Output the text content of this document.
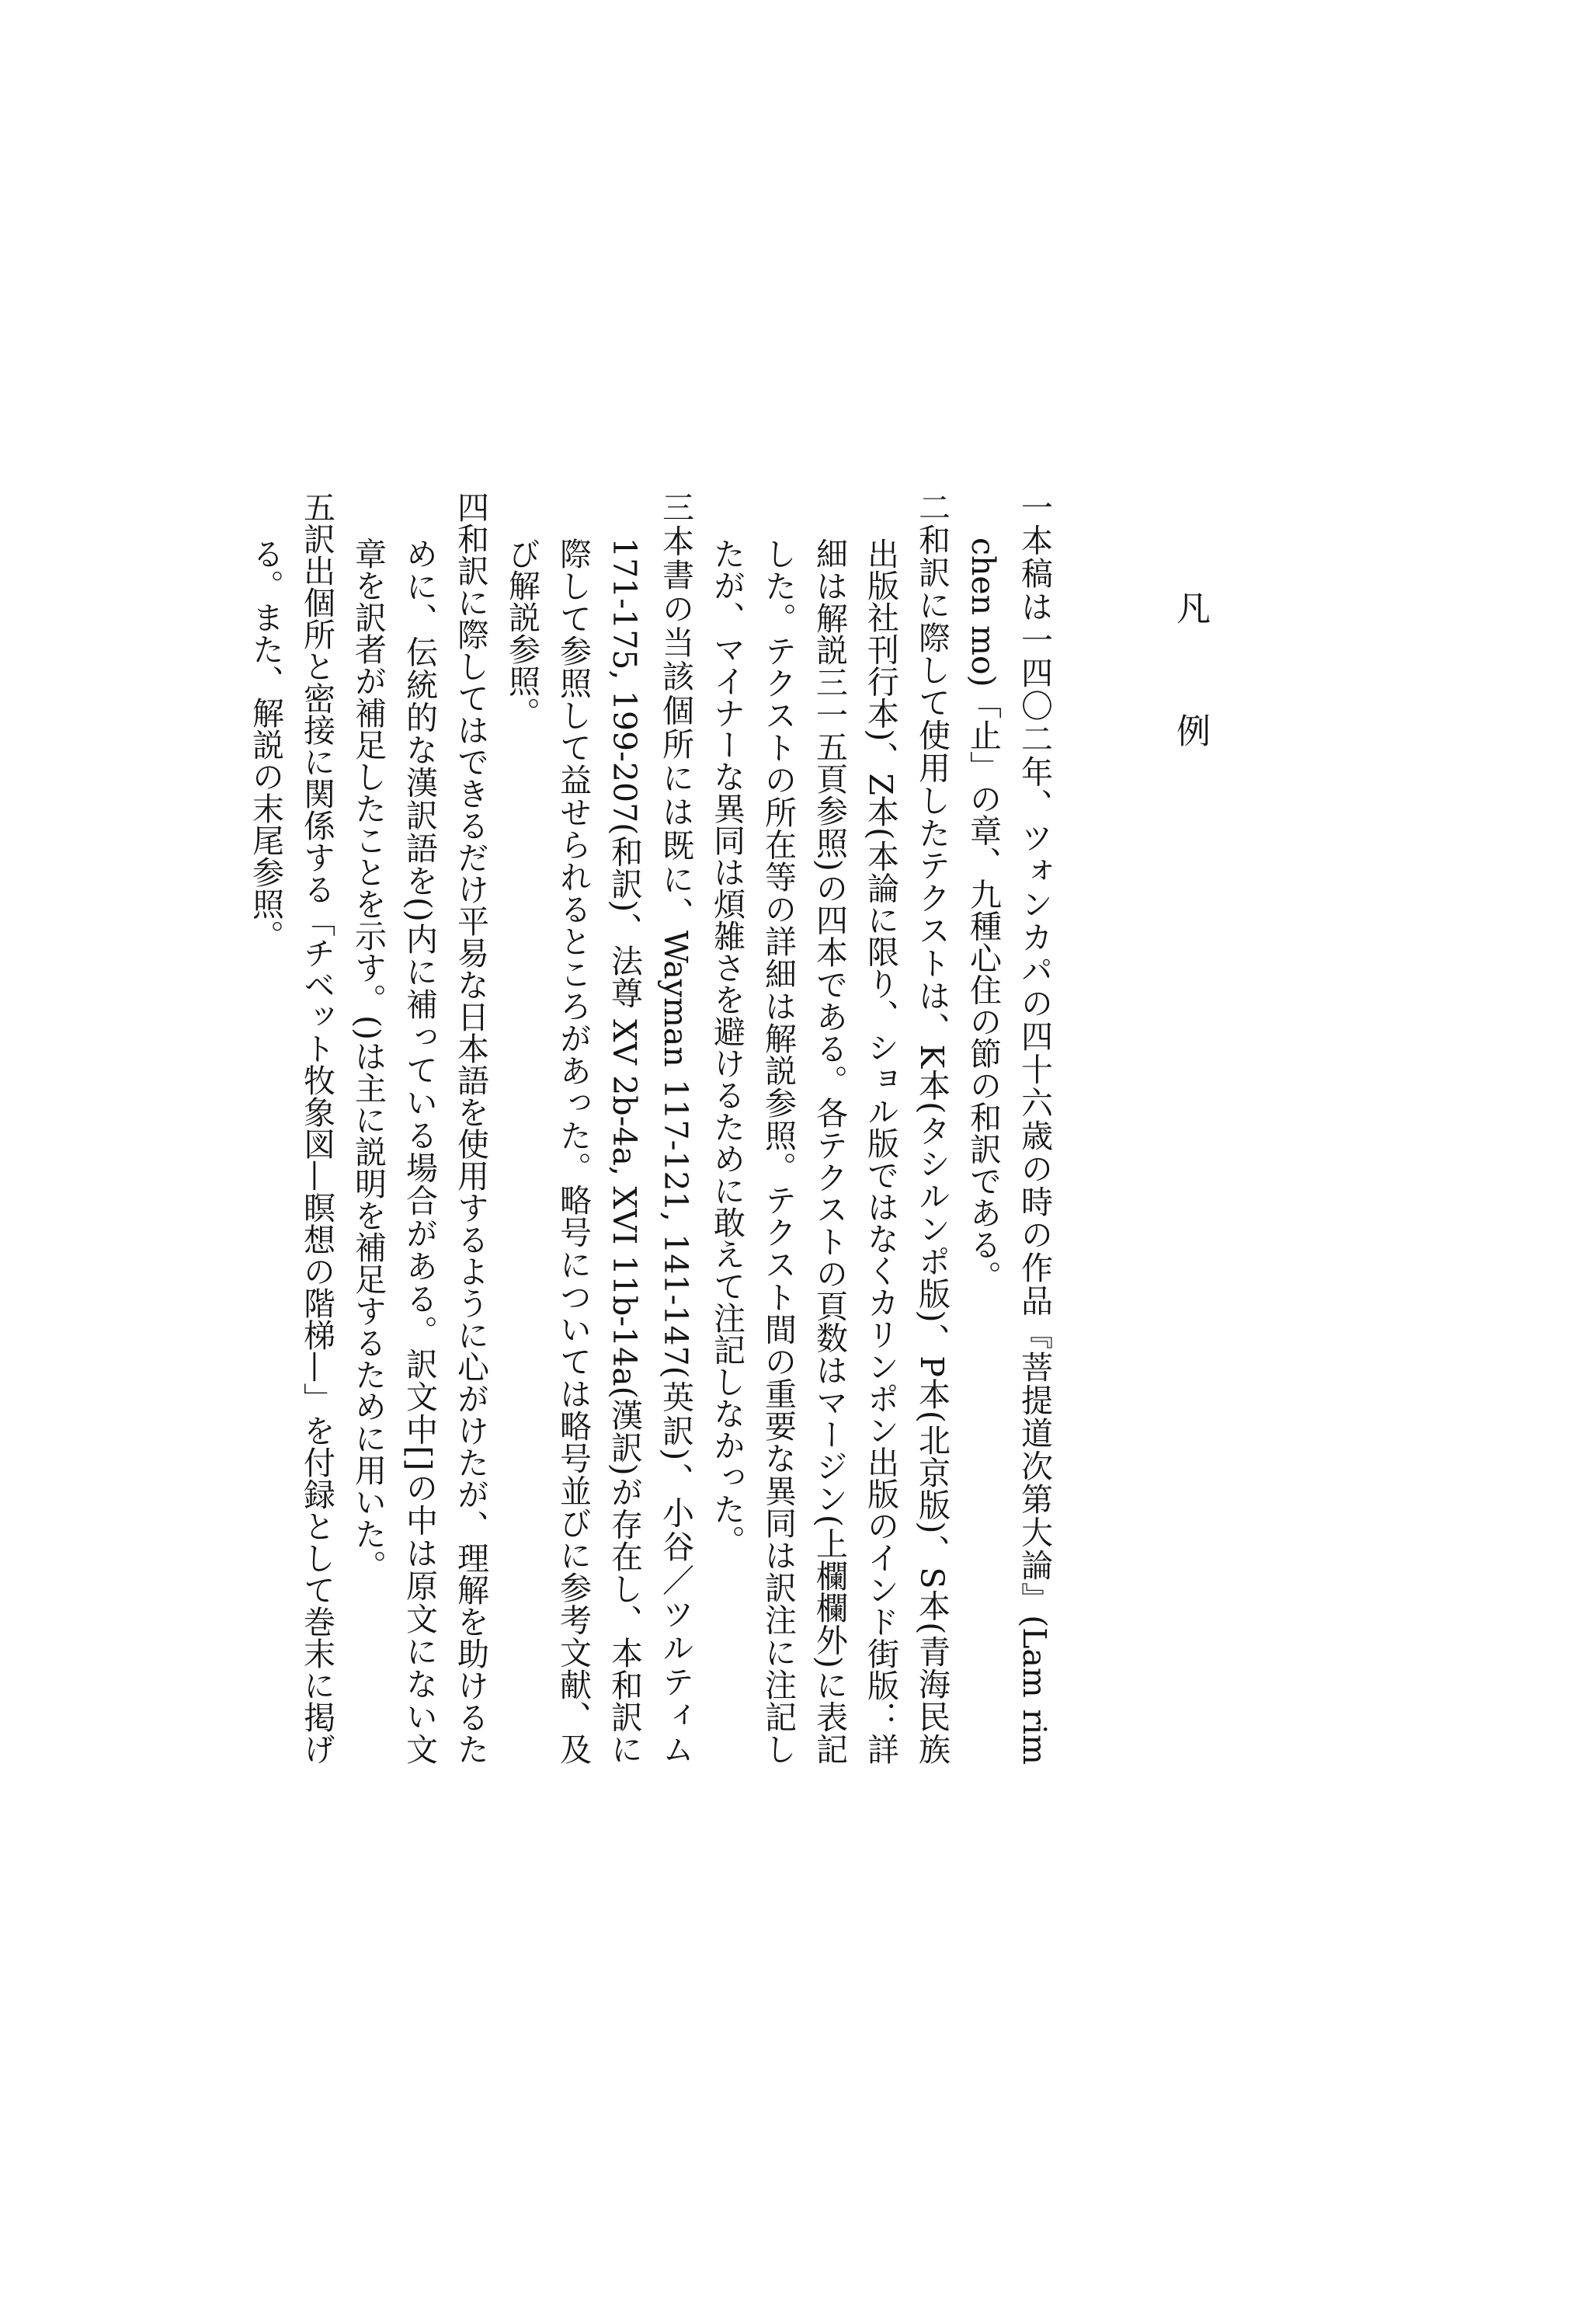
凡 例

一本稿は一四〇二年、ツォンカパの四十六歳の時の作品『菩提道次第大論』(Lam rim chen mo)「止」の章、九種心住の節の和訳である。

二和訳に際して使用したテクストは、K本(タシルンポ版)、P本(北京版)、S本(青海民族出版社刊行本)、Z本(本論に限り、ショル版ではなくカリンポン出版のインド街版：詳細は解説三一五頁参照)の四本である。各テクストの頁数はマージン(上欄欄外)に表記した。テクストの所在等の詳細は解説参照。テクスト間の重要な異同は訳注に注記したが、マイナーな異同は煩雑さを避けるために敢えて注記しなかった。

三本書の当該個所には既に、Wayman 117-121, 141-147(英訳)、小谷／ツルティム 171-175, 199-207(和訳)、法尊 XV 2b-4a, XVI 11b-14a(漢訳)が存在し、本和訳に際して参照して益せられるところがあった。略号については略号並びに参考文献、及び解説参照。

四和訳に際してはできるだけ平易な日本語を使用するように心がけたが、理解を助けるために、伝統的な漢訳語を()内に補っている場合がある。訳文中[]の中は原文にない文章を訳者が補足したことを示す。()は主に説明を補足するために用いた。

五訳出個所と密接に関係する「チベット牧象図—瞑想の階梯—」を付録として巻末に掲げる。また、解説の末尾参照。
